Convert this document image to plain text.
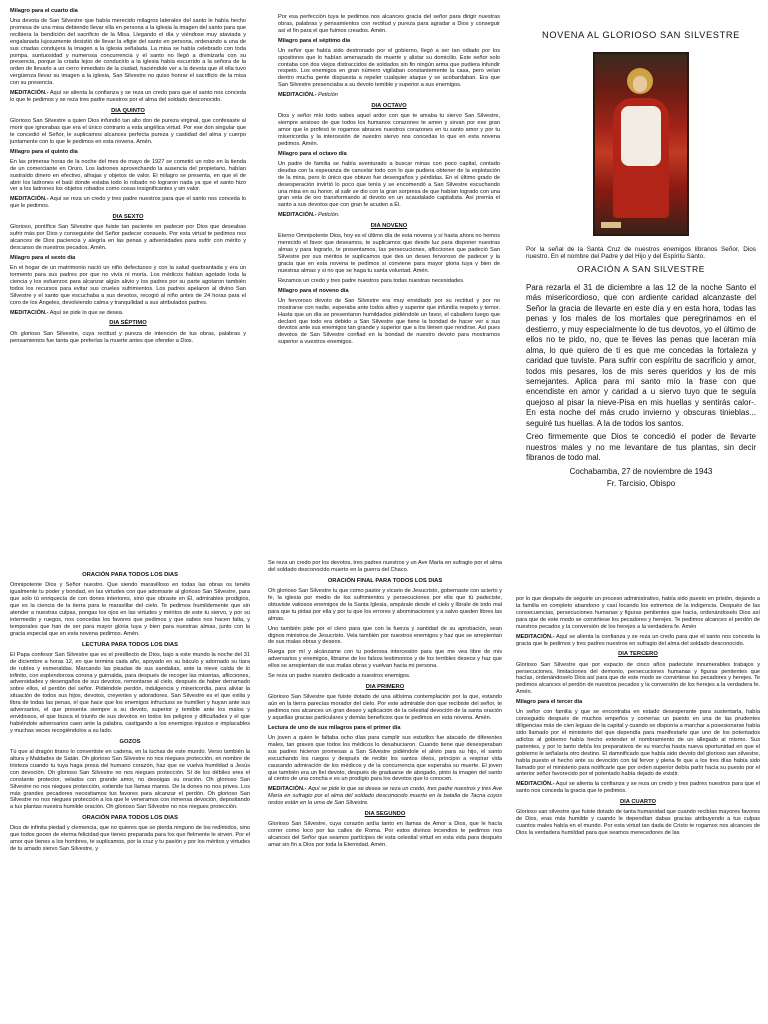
Milagro para el cuarto día

Una devota de San Silvestre que había merecido milagros laterales del santo le había hecho promesa de una misa debiendo llevar ella en persona a la iglesia la imagen del santo para que recibiera la bendición del sacrificio de la Misa. Llegando el día y viéndose muy ataviada y engalanada lujosamente desistió de llevar la efigie del santo en persona, ordenando a una de sus criadas condujera la imagen a la iglesia señalada. La misa se había celebrado con toda pompa, suntuosidad y numerosa concurrencia y el santo no llegó a divinizarla con su presencia, porque la criada lejos de conducirlo a la iglesia había escurrido a la señora de la orden de llevarlo a un cerro inmediato de la ciudad, haciéndole ver a la devota que él ella tuvo vergüenza llevar su imagen a la iglesia, San Silvestre no quiso honrar el sacrificio de la misa con su presencia.

MEDITACIÓN.- Aquí se alienta la confianza y se reza un credo para que el santo nos conceda lo que le pedimos y se reza tres padre nuestros por el alma del soldado desconocido.

DIA QUINTO

Glorioso San Silvestre a quien Dios infundió tan alto don de pureza virginal, que confesaste al morir que ignorabas que era el único contrario a esta angélica virtud. Por ese don singular que te concedió el Señor, le suplicamos alcances perfecta pureza y castidad del alma y cuerpo juntamente con lo que le pedimos en esta novena. Amén.

Milagro para el quinto día

En las primeras horas de la noche del mes de mayo de 1927 se cometió un robo en la tienda de un comerciante en Oruro. Los ladrones aprovechando la ausencia del propietario, habían sustraído dinero en efectivo, alhajas y objetos de valor. El milagro se presenta, en que el de abrir los ladrones el baúl donde estaba todo lo robado no lograron nada ya que el santo hizo ver a los ladrones los objetos robados como cosas insignificantes y sin valor.

MEDITACIÓN.- Aquí se reza un credo y tres padre nuestros para que el santo nos conceda lo que le pedimos.

DIA SEXTO

Glorioso, pontífice San Silvestre que fuiste tan paciente en padecer por Dios que deseabas sufrir más por Dios y conseguiste del Señor padecer consuelo. Por esta virtud te pedimos nos alcances de Dios paciencia y alegría en las penas y adversidades para sufrir con mérito y descanso de nuestros pecados. Amén.

Milagro para el sexto día

En el hogar de un matrimonio nació un niño defectuoso y con la salud quebrantada y era un tormento para sus padres por que no vivía ni moría. Los médicos habían agotado toda la ciencia y los esfuerzos para alcanzar algún alivio y los padres por su parte agotaron también todos los recursos para evitar sus crueles sufrimientos. Los padres apelaron al divino San Silvestre y el santo que escuchaba a sus devotos, recogió al niño antes de 24 horas para el coro de los Ángeles, devolviendo calma y tranquilidad a sus atribulados padres.

MEDITACIÓN.- Aquí se pide lo que se desea.

DIA SÉPTIMO

Oh glorioso San Silvestre, cuya rectitud y pureza de intención de tus obras, palabras y pensamientos fue tanta que preferías la muerte antes que ofender a Dios.

Por esa perfección tuya te pedimos nos alcances gracia del señor para dirigir nuestras obras, palabras y pensamientos con rectitud y pureza para agradar a Dios y conseguir así el fin para el que fuimos creados. Amén.

Milagro para el séptimo día

Un señor que había sido destronado por el gobierno, llegó a ser tan odiado por los opositores que lo habían amenazado de muerte y alistar su domicilio. Este señor solo contaba con dos viejos distraccidos de soldados sin fin ningún arma que pudiera infundir respeto. Los enemigos en gran número vigilaban constantemente la casa, pero veían dentro mucha gente dispuesta a repeler cualquier ataque y se acobardaban. Era que San Silvestre presenciaba a su devoto temible y superior a sus enemigos.

MEDITACIÓN.- Petición

DIA OCTAVO

Dios y señor mío todo sabes aquel ardor con que te amaba tu siervo San Silvestre, siempre ansioso de que todos los humanos corazones te amen y sirvan por ese gran amor que le profesó te rogamos abraces nuestros corazones en tu santo amor y por tu misericordia y la intercesión de nuestro siervo nos concedas lo que en esta novena pedimos. Amén.

Milagro para el octavo día

Un padre de familia se había aventurado a buscar minas con poco capital, contado deudas con la esperanza de cancelar todo con lo que pudiera obtener de la explotación de la mina, pero lo único que obtuvo fue desengaños y pérdidas. En el último grado de desesperación invirtió lo poco que tenía y se encomendó a San Silvestre escuchando una misa en su honor, al salir se dio con la gran sorpresa de que habían logrado con una gran veta de oro transformando al devoto en un acaudalado capitalista. Así premia el santo a sus devotos que con gran fe acuden a Él.

MEDITACIÓN.- Petición.

DIA NOVENO

Eterno Omnipotente Dios, hoy es el último día de esta novena y sí hasta ahora no hemos merecido el favor que deseamos, te suplicamos que desde luz para disponer nuestras almas y para lograrlo, te presentamos, las persecuciones, aflicciones que padeció San Silvestre por sus méritos te suplicamos que des un deseo fervoroso de padecer y la gracia que en esta novena te pedimos si conviene para mayor gloria tuya y bien de nuestras almas y si no que se haga tu santa voluntad. Amén.

Rezamos un credo y tres padre nuestros para todas nuestras necesidades.

Milagro para el noveno día

Un fervoroso devoto de San Silvestre era muy envidiado por su rectitud y por no mostrarse con nadie, esperaba ante todos altivo y superior que infundía respeto y temor. Hasta que un día se presentaron humildados pidiéndole un favor, el caballero luego que declaró que todo era debido a San Silvestre que tiene la bondad de hacer ver a sus devotos ante sus enemigos tan grande y superior que a los tienen que rendirse. Así pues devotos de San Silvestre confiad en la bondad de nuestro devoto para mostrarnos superior a vuestros enemigos.

NOVENA AL GLORIOSO SAN SILVESTRE

Por la señal de la Santa Cruz de nuestros enemigos líbranos Señor, Dios nuestro. En el nombre del Padre y del Hijo y del Espíritu Santo.

ORACIÓN A SAN SILVESTRE

Para rezarla el 31 de diciembre a las 12 de la noche Santo el más misericordioso, que con ardiente caridad alcanzaste del Señor la gracia de llevarte en este día y en esta hora, todas las penas y los males de los mortales que peregrinamos en el destierro, y muy especialmente lo de tus devotos, yo el último de ellos no te pido, no, que te lleves las penas que laceran mía alma, lo que quiero de ti es que me concedas la fortaleza y caridad que tuviste. Para sufrir con espíritu de sacrificio y amor, todos mis pesares, los de mis seres queridos y los de mis semejantes. Aplica para mí santo mío la frase con que encendiste en amor y caridad a u siervo tuyo que te seguía quejoso al pisar la nieve-Pisa en mis huellas y sentirás calor-. En esta noche del más crudo invierno y obscuras tinieblas... seguiré tus huellas. A la de todos los santos.

Creo firmemente que Dios te concedió el poder de llevarte nuestros males y no me levantare de tus plantas, sin decir fibranos de todo mal.

Cochabamba, 27 de noviembre de 1943
Fr. Tarcisio, Obispo
ORACIÓN PARA TODOS LOS DIAS

Omnipotente Dios y Señor nuestro. Que siendo maravilloso en todas las obras os tenéis igualmente tu poder y bondad, en las virtudes con que adornaste al glorioso San Silvestre, para que solo tú enriquecía de con dones interiores, sino que obraste en Él, admirables prodigios, que es la ciencia de la tierra para le maravillar del cielo. Te pedimos humildemente que sin atender a nuestras culpas, pongas los ojos en las virtudes y méritos de este tu siervo, y por su intermedio y ruegos, nos concedas los favores que pedimos y que sabes nos hacen falta, y temporales que han de ser para mayor gloria tuya y bien para nuestras almas, junto con la gracia especial que en esta novena pedimos. Amén.

LECTURA PARA TODOS LOS DIAS

El Papa confesor San Silvestre que es el predilecto de Dios, bajo a este mundo la noche del 31 de diciembre a horas 12, en que termina cada año, apoyado en su báculo y adornado su tiara de rubíes y esmeraldas. Marcando las pisadas de sus sandalias, ante la nieve caída de lo infinito, con esplendorosa corona y guirnalda, para después de recoger las miserias, aflicciones, adversidades y desengaños de sus devotos, remontarse al cielo, después de haber derramado sobre ellos, el perdón del señor. Pidiéndole perdón, indulgencia y misericordia, para aliviar la situación de todos sus hijos, devotos, creyentes y adoradores. San Silvestre es el que exilia y libra de todas las penas, el que hace que los enemigos infructuos se humillen y huyan ante sus adversarios, el que presenta siempre a su devoto, superior y temible ante los malos y envidiosos, el que busca el triunfo de sus devotos en todos los peligros y dificultades y el que habiéndole adversarios caen ante la palabra, castigando a los enemigos injustos e implacables y muchas veces recogiéndolos a su lado.

GOZOS

Tú que al dragón tirano lo convertiste en cadena, en la luchas de este mundo. Verso también la altura y Maldades de Satán. Oh glorioso San Silvestre no nos niegues protección, en nombre de tristeza cuando tu tuya haga presa del humano corazón, haz que se vuelva humildad a Jesús con devoción. Oh glorioso San Silvestre no nos niegues protección. Sí de los débiles eres el constante protector, velados con grande amor, no desoigas su oración. Oh glorioso San Silvestre no nos niegues protección, extiende tus llamas manos. De la dones no nos prives. Los más grandes pecadores necesitamos tus favores para alcanzar el perdón. Oh glorioso San Silvestre no nos niegues protección a los que le veneramos con inmensa devoción, depositando a tus plantas nuestra humilde oración. Oh glorioso San Silvestre no nos niegues protección.

ORACIÓN PARA TODOS LOS DIAS

Dios de infinita piedad y clemencia, que no quieres que se pierda ninguno de los redimidos, sino que todos gocen de eterna felicidad que tienes preparada para los que fielmente le sirven. Por el amor que tienes a los hombres, te suplicamos, por la cruz y tu pasión y por los méritos y virtudes de tu amado siervo San Silvestre, y

Se reza un credo por los devotos, tres padres nuestros y un Ave María en sufragio por el alma del soldado desconocido muerto en la guerra del Chaco.

ORACIÓN FINAL PARA TODOS LOS DIAS

Oh glorioso San Silvestre tu que como pastor y vicario de Jesucristo, gobernaste con acierto y fe, la iglesia por medio de los sufrimientos y persecuciones por ella que tú padeciste, obtuviste valiosos enemigos de la Santa Iglesia, ampárale desde el cielo y líbrale de todo mal para que tu pidas por ella y por tu que los errores y abominaciones y a salvo queden libres las almas.

Uno también pide por el clero para que con la fuerza y santidad de su aprobación, sean dignos ministros de Jesucristo. Vela también por nuestros enemigos y haz que se arrepientan de sus malas obras y deseos.

Ruega por mí y alcánzame con tu poderosa intercesión para que me vea libre de mis adversarios y enemigos, librame de los falsos testimonios y de los terribles deseos y haz que ellos se arrepientan de sus malas obras y vuelvan hacia mi persona.

Se reza un padre nuestro dedicado a nuestros enemigos.

DIA PRIMERO

Glorioso San Silvestre que fuiste dotado de una altísima contemplación por la que, estando aún en la tierra parecías morador del cielo. Por este admirable don que recibiste del señor, te pedimos nos alcances un gran deseo y aplicación de la celestial devoción de la santa oración y aquellas gracias particulares y demás beneficios que te pedimos en esta novena. Amén.

Lectura de uno de sus milagros para el primer día

Un joven a quien le faltaba ocho días para cumplir sus estudios fue atacado de diferentes males, tan graves que todos los médicos lo desahuciaron. Cuando tiene que desesperaban sus padres hicieron promesas a San Silvestre pidiéndole el alivio para su hijo, el santo escuchando los ruegos y después de recibir los santos óleos, principio a respirar vida causando admiración de los médicos y de la concurrencia que esperaba su muerte. El joven que también era un fiel devoto, después de graduarse de abogado, pinto la imagen del santo al centro de una concha e es un prodigio para los devotos que lo conocen.

MEDITACIÓN.- Aquí se pide lo que se desea se reza un credo, tres padre nuestros y tres Ave María en sufragio por el alma del soldado desconocido muerto en la batalla de Tacna cuyos restos están en la urna de San Silvestre.

DIA SEGUNDO

Glorioso San Silvestre, cuya corazón ardía tanto en llamas de Amor a Dios, que le hacía correr como loco por las calles de Roma. Por estos divinos incendios te pedimos nos alcances del Señor que seamos partícipes de esta celestial virtud en esta vida para después amar sin fin a Dios por toda la Eternidad. Amén.

por lo que después de seguirle un proceso administrativo, había sido puesto en prisión, dejando a la familia en completo abandono y casi locando los extremos de la indigencia. Después de las consecuencias, persecuciones humanas y figuras penitentes que hacía, ordenándoselo Dios así para que de este modo se convirtiese los pecadores y herejes. Te pedimos alcances el perdón de nuestros pecados y la conversión de los herejes a la verdadera fe. Amén

MEDITACIÓN.- Aquí se alienta la confianza y se reza un credo para que el santo nos conceda la gracia que le pedimos y tres padres nuestros en sufragio del alma del soldado desconocido.

DIA TERCERO

Glorioso San Silvestre que por espacio de cinco años padeciste innumerables trabajos y persecuciones, limitaciones del demonio, persecuciones humanas y figuras penitentes que hacías, ordenándoselo Dios así para que de este modo se convirtiese los pecadores y herejes. Te pedimos alcances el perdón de nuestros pecados y la conversión de los herejes a la verdadera fe. Amén.

Milagro para el tercer día

Un señor con familia y que se encontraba en estado desesperante para sustentarla, había conseguido después de muchos empeños y correrías un puesto en una de las prudentes diligencias más de cien leguas de la capital y cuando se disponía a marchar a posesionarse había sido llamado por el ministerio del que dependía para manifestarle que uno de los potentados adictos al gobierno había hecho extender el nombramiento de un allegado al mismo. Sus parientes, y por lo tanto debía los preparativos de su marcha hasta nueva oportunidad en que el gobierno le señalaría otro destino. El damnificado que había sido devoto del glorioso san silvestre, había puesto el hecho ante su devoción con tal fervor y plena fe que a los tres días había sido llamado por el ministerio para notificarle que por orden superior debía partir hacia su puesto por el anterior señor favorecido por el potentado había dejado de existir.

MEDITACIÓN.- Aquí se alienta la confianza y se reza un credo y tres padres nuestros para que el santo nos conceda la gracia que le pedimos.

DIA CUARTO

Glorioso san silvestre que fuiste dotado de tanta humanidad que cuando recibías mayores favores de Dios, eras más humilde y cuando le dependían dabas gracias atribuyendo a tus culpas cuantos males había en el mundo. Por esta virtud tan dada de Cristo te rogamos nos alcances de Dios la verdadera humildad para que seamos merecedores de las
